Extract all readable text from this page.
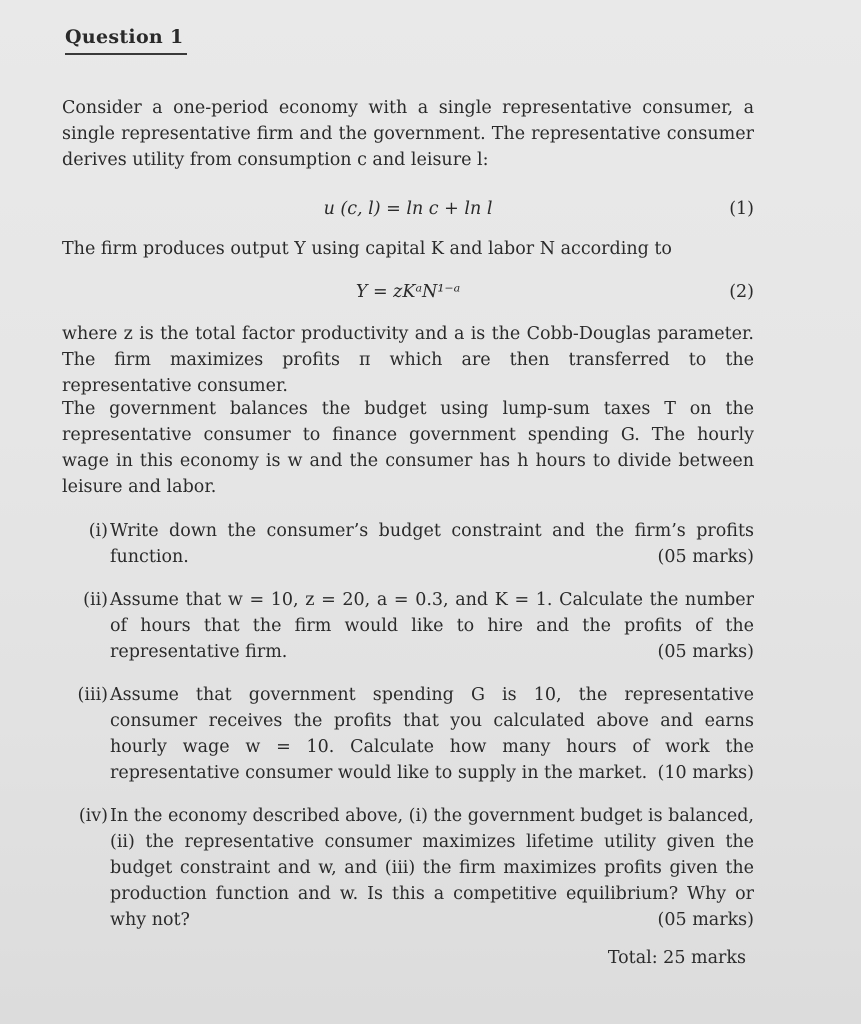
Question 1
Consider a one-period economy with a single representative consumer, a single representative firm and the government. The representative consumer derives utility from consumption c and leisure l:
u (c, l) = ln c + ln l	(1)
The firm produces output Y using capital K and labor N according to
Y = zKᵃN¹⁻ᵃ	(2)
where z is the total factor productivity and a is the Cobb-Douglas parameter. The firm maximizes profits π which are then transferred to the representative consumer.
The government balances the budget using lump-sum taxes T on the representative consumer to finance government spending G. The hourly wage in this economy is w and the consumer has h hours to divide between leisure and labor.
(i) Write down the consumer’s budget constraint and the firm’s profits function.	(05 marks)
(ii) Assume that w = 10, z = 20, a = 0.3, and K = 1. Calculate the number of hours that the firm would like to hire and the profits of the representative firm.	(05 marks)
(iii) Assume that government spending G is 10, the representative consumer receives the profits that you calculated above and earns hourly wage w = 10. Calculate how many hours of work the representative consumer would like to supply in the market. (10 marks)
(iv) In the economy described above, (i) the government budget is balanced, (ii) the representative consumer maximizes lifetime utility given the budget constraint and w, and (iii) the firm maximizes profits given the production function and w. Is this a competitive equilibrium? Why or why not?	(05 marks)
Total: 25 marks
